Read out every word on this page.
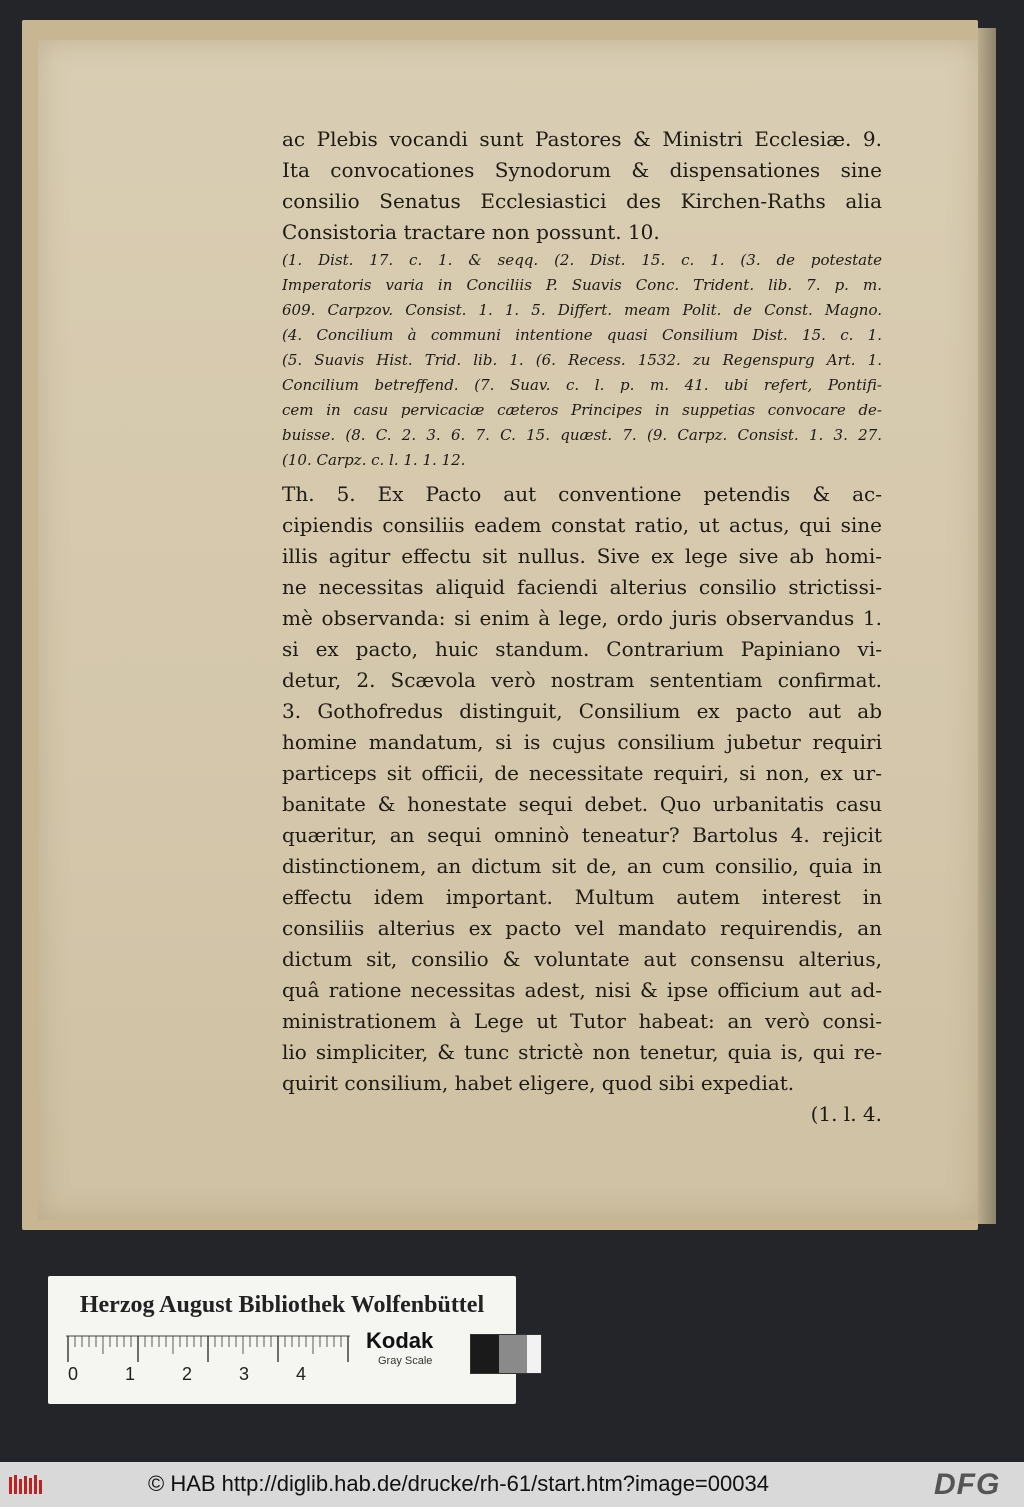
ac Plebis vocandi sunt Pastores & Ministri Ecclesiæ. 9.
Ita convocationes Synodorum & dispensationes sine
consilio Senatus Ecclesiastici des Kirchen-Raths alia
Consistoria tractare non possunt. 10.
(1. Dist. 17. c. 1. & seqq. (2. Dist. 15. c. 1. (3. de potestate
Imperatoris varia in Conciliis P. Suavis Conc. Trident. lib. 7. p. m.
609. Carpzov. Consist. 1. 1. 5. Differt. meam Polit. de Const. Magno.
(4. Concilium à communi intentione quasi Consilium Dist. 15. c. 1.
(5. Suavis Hist. Trid. lib. 1. (6. Recess. 1532. zu Regenspurg Art. 1.
Concilium betreffend. (7. Suav. c. l. p. m. 41. ubi refert, Pontifi-
cem in casu pervicaciæ cæteros Principes in suppetias convocare de-
buisse. (8. C. 2. 3. 6. 7. C. 15. quæst. 7. (9. Carpz. Consist. 1. 3. 27.
(10. Carpz. c. l. 1. 1. 12.
Th. 5. Ex Pacto aut conventione petendis & ac-
cipiendis consiliis eadem constat ratio, ut actus, qui sine
illis agitur effectu sit nullus. Sive ex lege sive ab homi-
ne necessitas aliquid faciendi alterius consilio strictissi-
mè observanda: si enim à lege, ordo juris observandus 1.
si ex pacto, huic standum. Contrarium Papiniano vi-
detur, 2. Scævola verò nostram sententiam confirmat.
3. Gothofredus distinguit, Consilium ex pacto aut ab
homine mandatum, si is cujus consilium jubetur requiri
particeps sit officii, de necessitate requiri, si non, ex ur-
banitate & honestate sequi debet. Quo urbanitatis casu
quæritur, an sequi omninò teneatur? Bartolus 4. rejicit
distinctionem, an dictum sit de, an cum consilio, quia in
effectu idem important. Multum autem interest in
consiliis alterius ex pacto vel mandato requirendis, an
dictum sit, consilio & voluntate aut consensu alterius,
quâ ratione necessitas adest, nisi & ipse officium aut ad-
ministrationem à Lege ut Tutor habeat: an verò consi-
lio simpliciter, & tunc strictè non tenetur, quia is, qui re-
quirit consilium, habet eligere, quod sibi expediat.
(1. l. 4.
Herzog August Bibliothek Wolfenbüttel
0	1	2	3	4
Kodak
Gray Scale
© HAB http://diglib.hab.de/drucke/rh-61/start.htm?image=00034	DFG
